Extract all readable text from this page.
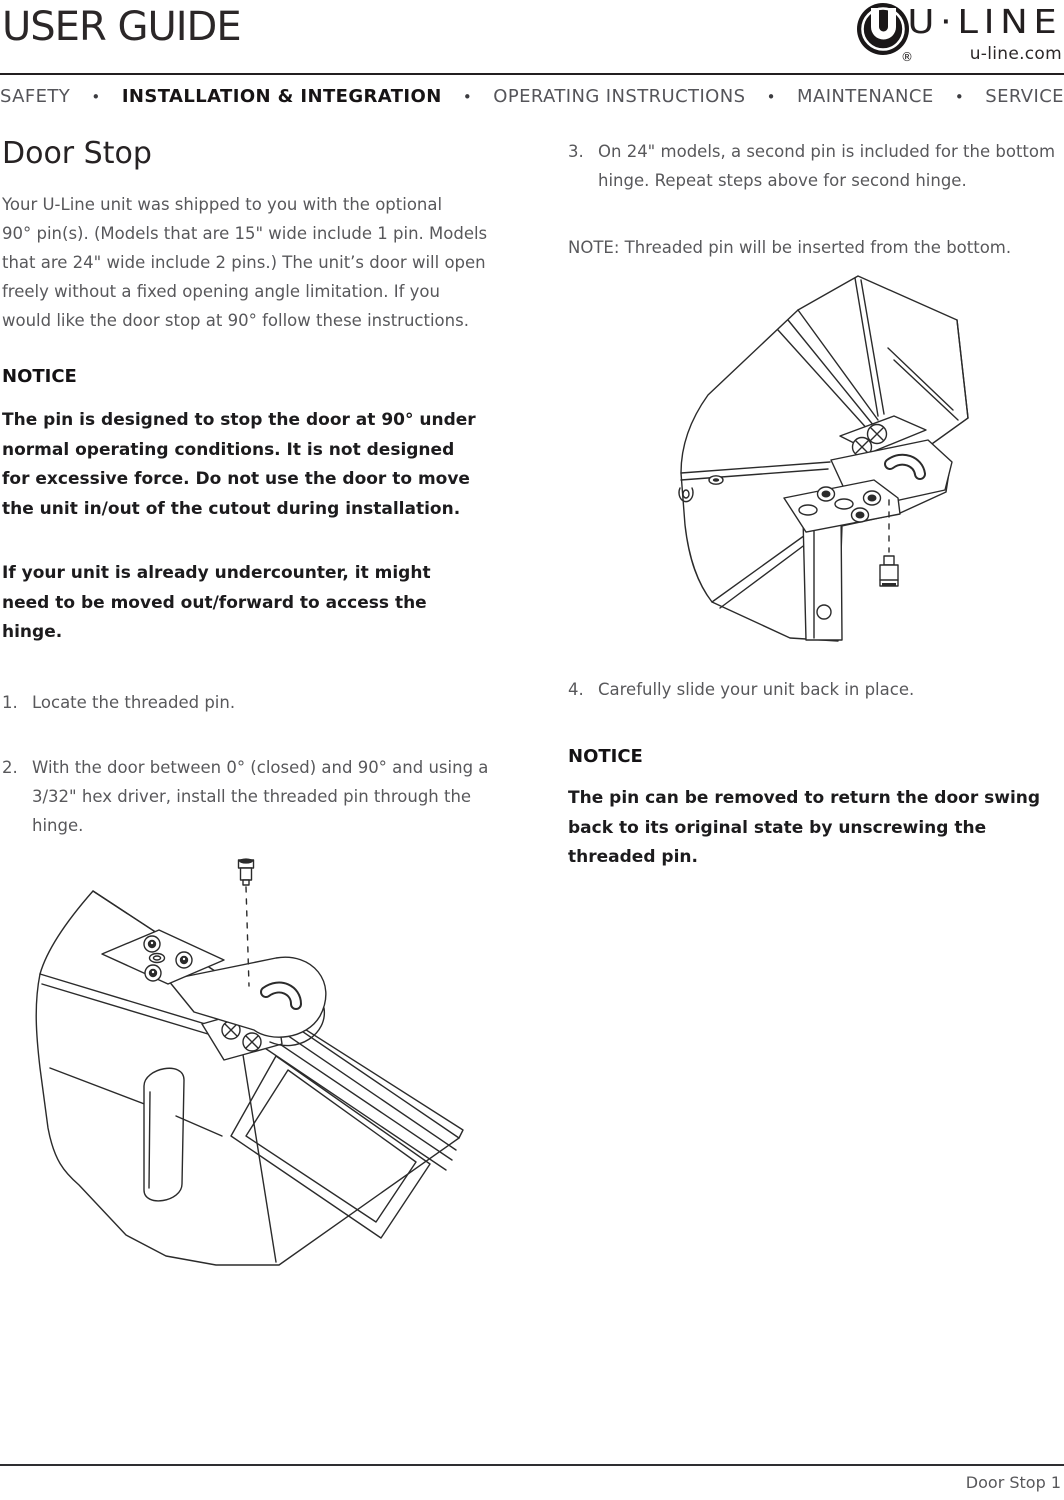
USER GUIDE
®
U·LINE
u-line.com
SAFETY • INSTALLATION & INTEGRATION • OPERATING INSTRUCTIONS • MAINTENANCE • SERVICE
Door Stop
Your U-Line unit was shipped to you with the optional
90° pin(s). (Models that are 15" wide include 1 pin. Models
that are 24" wide include 2 pins.) The unit’s door will open
freely without a fixed opening angle limitation. If you
would like the door stop at 90° follow these instructions.
NOTICE
The pin is designed to stop the door at 90° under
normal operating conditions. It is not designed
for excessive force. Do not use the door to move
the unit in/out of the cutout during installation.
If your unit is already undercounter, it might
need to be moved out/forward to access the
hinge.
1. Locate the threaded pin.
2. With the door between 0° (closed) and 90° and using a
3/32" hex driver, install the threaded pin through the
hinge.
3. On 24" models, a second pin is included for the bottom
hinge. Repeat steps above for second hinge.
NOTE: Threaded pin will be inserted from the bottom.
4. Carefully slide your unit back in place.
NOTICE
The pin can be removed to return the door swing
back to its original state by unscrewing the
threaded pin.
Door Stop 1
